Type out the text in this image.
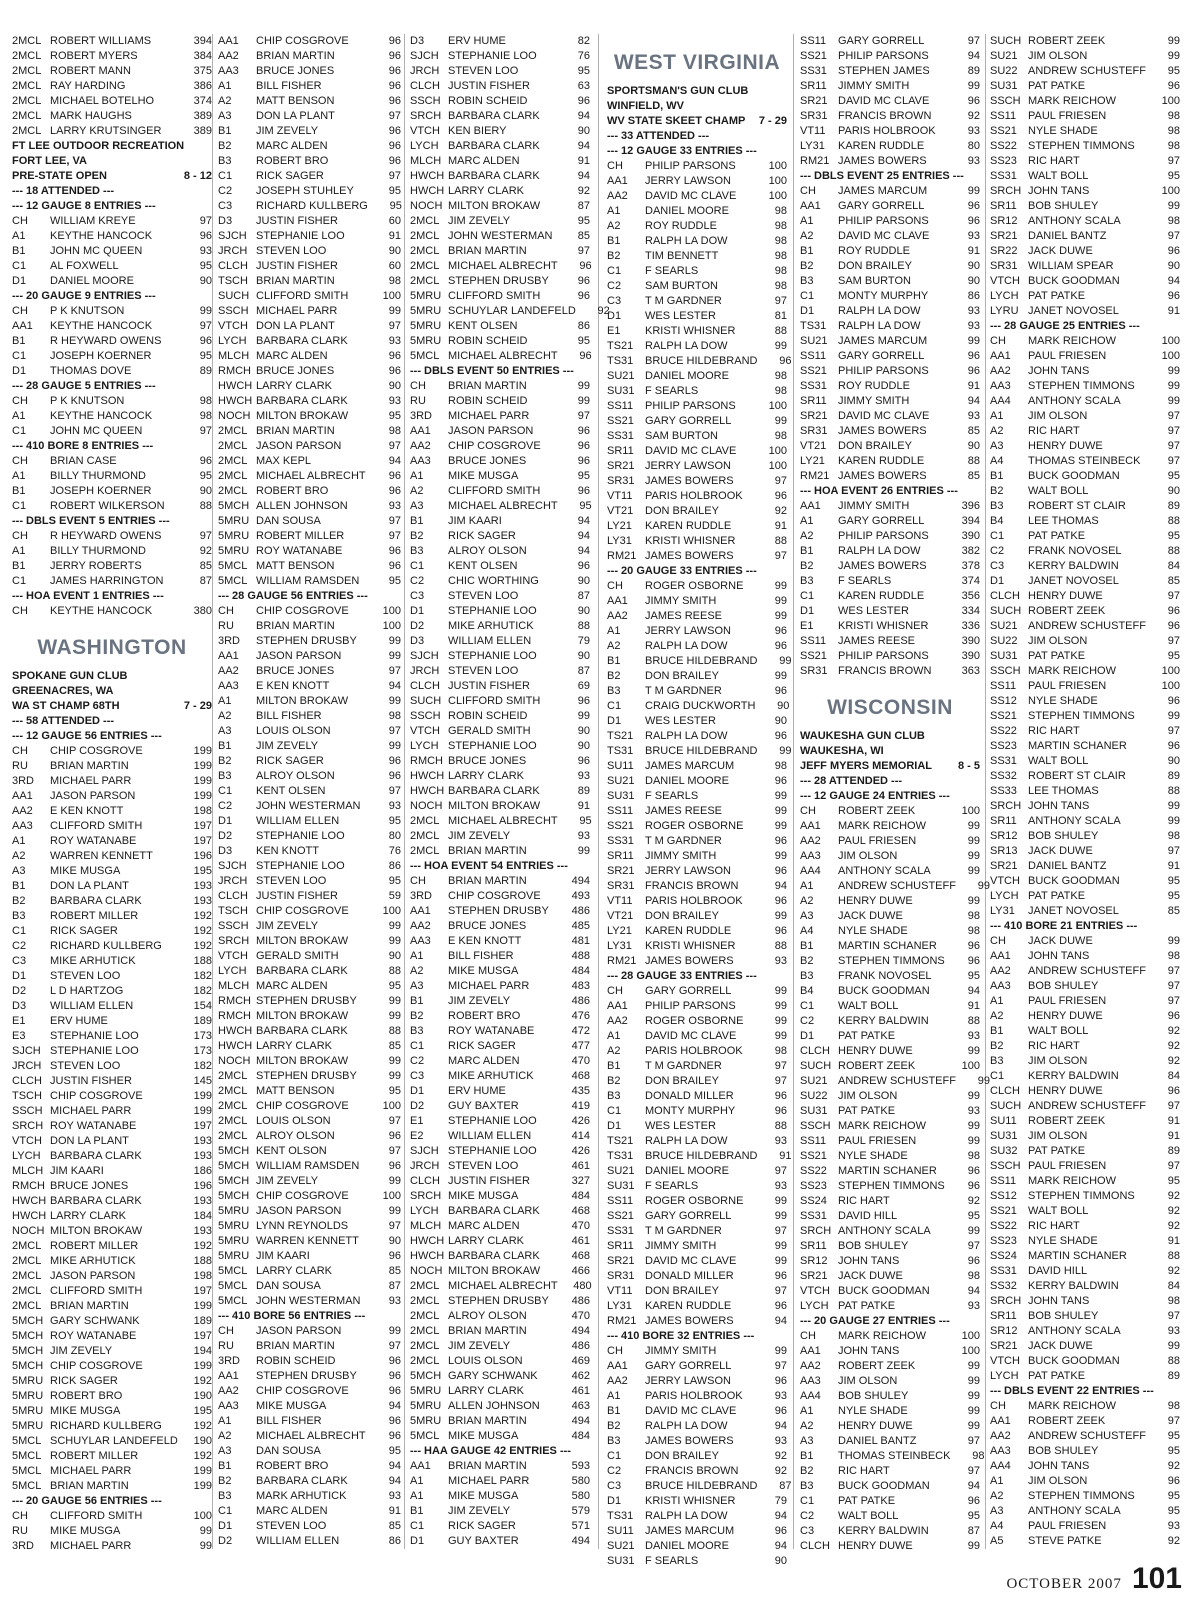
2MCL ROBERT WILLIAMS	394
2MCL ROBERT MYERS	384
2MCL ROBERT MANN	375
2MCL RAY HARDING	386
2MCL MICHAEL BOTELHO	374
2MCL MARK HAUGHS	389
2MCL LARRY KRUTSINGER	389
FT LEE OUTDOOR RECREATION
FORT LEE, VA
PRE-STATE OPEN	8 - 12
--- 18 ATTENDED ---
--- 12 GAUGE 8 ENTRIES ---
CH	WILLIAM KREYE	97
A1	KEYTHE HANCOCK	96
B1	JOHN MC QUEEN	93
C1	AL FOXWELL	95
D1	DANIEL MOORE	90
--- 20 GAUGE 9 ENTRIES ---
CH	P K KNUTSON	99
AA1	KEYTHE HANCOCK	97
B1	R HEYWARD OWENS	96
C1	JOSEPH KOERNER	95
D1	THOMAS DOVE	89
--- 28 GAUGE 5 ENTRIES ---
CH	P K KNUTSON	98
A1	KEYTHE HANCOCK	98
C1	JOHN MC QUEEN	97
--- 410 BORE 8 ENTRIES ---
CH	BRIAN CASE	96
A1	BILLY THURMOND	95
B1	JOSEPH KOERNER	90
C1	ROBERT WILKERSON	88
--- DBLS EVENT 5 ENTRIES ---
CH	R HEYWARD OWENS	97
A1	BILLY THURMOND	92
B1	JERRY ROBERTS	85
C1	JAMES HARRINGTON	87
--- HOA EVENT 1 ENTRIES ---
CH	KEYTHE HANCOCK	380
WASHINGTON
SPOKANE GUN CLUB
GREENACRES, WA
WA ST CHAMP 68TH	7 - 29
--- 58 ATTENDED ---
--- 12 GAUGE 56 ENTRIES ---
CH	CHIP COSGROVE	199
RU	BRIAN MARTIN	199
3RD	MICHAEL PARR	199
AA1	JASON PARSON	199
AA2	E KEN KNOTT	198
AA3	CLIFFORD SMITH	197
A1	ROY WATANABE	197
A2	WARREN KENNETT	196
A3	MIKE MUSGA	195
B1	DON LA PLANT	193
B2	BARBARA CLARK	193
B3	ROBERT MILLER	192
C1	RICK SAGER	192
C2	RICHARD KULLBERG	192
C3	MIKE ARHUTICK	188
D1	STEVEN LOO	182
D2	L D HARTZOG	182
D3	WILLIAM ELLEN	154
E1	ERV HUME	189
E3	STEPHANIE LOO	173
SJCH STEPHANIE LOO	173
JRCH STEVEN LOO	182
CLCH JUSTIN FISHER	145
TSCH CHIP COSGROVE	199
SSCH MICHAEL PARR	199
SRCH ROY WATANABE	197
VTCH DON LA PLANT	193
LYCH BARBARA CLARK	193
MLCH JIM KAARI	186
RMCH BRUCE JONES	196
HWCH BARBARA CLARK	193
HWCH LARRY CLARK	184
NOCH MILTON BROKAW	193
2MCL ROBERT MILLER	192
2MCL MIKE ARHUTICK	188
2MCL JASON PARSON	198
2MCL CLIFFORD SMITH	197
2MCL BRIAN MARTIN	199
5MCH GARY SCHWANK	189
5MCH ROY WATANABE	197
5MCH JIM ZEVELY	194
5MCH CHIP COSGROVE	199
5MRU RICK SAGER	192
5MRU ROBERT BRO	190
5MRU MIKE MUSGA	195
5MRU RICHARD KULLBERG	192
5MCL SCHUYLAR LANDEFELD	190
5MCL ROBERT MILLER	192
5MCL MICHAEL PARR	199
5MCL BRIAN MARTIN	199
--- 20 GAUGE 56 ENTRIES ---
CH	CLIFFORD SMITH	100
RU	MIKE MUSGA	99
3RD	MICHAEL PARR	99
AA1	CHIP COSGROVE	96
AA2	BRIAN MARTIN	96
AA3	BRUCE JONES	96
A1	BILL FISHER	96
A2	MATT BENSON	96
A3	DON LA PLANT	97
B1	JIM ZEVELY	96
B2	MARC ALDEN	96
B3	ROBERT BRO	96
C1	RICK SAGER	97
C2	JOSEPH STUHLEY	95
C3	RICHARD KULLBERG	95
D3	JUSTIN FISHER	60
SJCH STEPHANIE LOO	91
JRCH STEVEN LOO	90
CLCH JUSTIN FISHER	60
TSCH BRIAN MARTIN	98
SUCH CLIFFORD SMITH	100
SSCH MICHAEL PARR	99
VTCH DON LA PLANT	97
LYCH BARBARA CLARK	93
MLCH MARC ALDEN	96
RMCH BRUCE JONES	96
HWCH LARRY CLARK	90
HWCH BARBARA CLARK	93
NOCH MILTON BROKAW	95
2MCL BRIAN MARTIN	98
2MCL JASON PARSON	97
2MCL MAX KEPL	94
2MCL MICHAEL ALBRECHT	96
2MCL ROBERT BRO	96
5MCH ALLEN JOHNSON	93
5MRU DAN SOUSA	97
5MRU ROBERT MILLER	97
5MRU ROY WATANABE	96
5MCL MATT BENSON	96
5MCL WILLIAM RAMSDEN	95
--- 28 GAUGE 56 ENTRIES ---
CH	CHIP COSGROVE	100
RU	BRIAN MARTIN	100
3RD	STEPHEN DRUSBY	99
AA1	JASON PARSON	99
AA2	BRUCE JONES	97
AA3	E KEN KNOTT	94
A1	MILTON BROKAW	99
A2	BILL FISHER	98
A3	LOUIS OLSON	97
B1	JIM ZEVELY	99
B2	RICK SAGER	96
B3	ALROY OLSON	96
C1	KENT OLSEN	97
C2	JOHN WESTERMAN	93
D1	WILLIAM ELLEN	95
D2	STEPHANIE LOO	80
D3	KEN KNOTT	76
SJCH STEPHANIE LOO	86
JRCH STEVEN LOO	95
CLCH JUSTIN FISHER	59
TSCH CHIP COSGROVE	100
SSCH JIM ZEVELY	99
SRCH MILTON BROKAW	99
VTCH GERALD SMITH	90
LYCH BARBARA CLARK	88
MLCH MARC ALDEN	95
RMCH STEPHEN DRUSBY	99
RMCH MILTON BROKAW	99
HWCH BARBARA CLARK	88
HWCH LARRY CLARK	85
NOCH MILTON BROKAW	99
2MCL STEPHEN DRUSBY	99
2MCL MATT BENSON	95
2MCL CHIP COSGROVE	100
2MCL LOUIS OLSON	97
2MCL ALROY OLSON	96
5MCH KENT OLSON	97
5MCH WILLIAM RAMSDEN	96
5MCH JIM ZEVELY	99
5MCH CHIP COSGROVE	100
5MRU JASON PARSON	99
5MRU LYNN REYNOLDS	97
5MRU WARREN KENNETT	90
5MRU JIM KAARI	96
5MCL LARRY CLARK	85
5MCL DAN SOUSA	87
5MCL JOHN WESTERMAN	93
--- 410 BORE 56 ENTRIES ---
CH	JASON PARSON	99
RU	BRIAN MARTIN	97
3RD	ROBIN SCHEID	96
AA1	STEPHEN DRUSBY	96
AA2	CHIP COSGROVE	96
AA3	MIKE MUSGA	94
A1	BILL FISHER	96
A2	MICHAEL ALBRECHT	96
A3	DAN SOUSA	95
B1	ROBERT BRO	94
B2	BARBARA CLARK	94
B3	MARK ARHUTICK	93
C1	MARC ALDEN	91
D1	STEVEN LOO	85
D2	WILLIAM ELLEN	86
D3	ERV HUME	82
SJCH STEPHANIE LOO	76
JRCH STEVEN LOO	95
CLCH JUSTIN FISHER	63
SSCH ROBIN SCHEID	96
SRCH BARBARA CLARK	94
VTCH KEN BIERY	90
LYCH BARBARA CLARK	94
MLCH MARC ALDEN	91
HWCH BARBARA CLARK	94
HWCH LARRY CLARK	92
NOCH MILTON BROKAW	87
2MCL JIM ZEVELY	95
2MCL JOHN WESTERMAN	85
2MCL BRIAN MARTIN	97
2MCL MICHAEL ALBRECHT	96
2MCL STEPHEN DRUSBY	96
5MRU CLIFFORD SMITH	96
5MRU SCHUYLAR LANDEFELD	92
5MRU KENT OLSEN	86
5MRU ROBIN SCHEID	95
5MCL MICHAEL ALBRECHT	96
--- DBLS EVENT 50 ENTRIES ---
CH	BRIAN MARTIN	99
RU	ROBIN SCHEID	99
3RD	MICHAEL PARR	97
AA1	JASON PARSON	96
AA2	CHIP COSGROVE	96
AA3	BRUCE JONES	96
A1	MIKE MUSGA	95
A2	CLIFFORD SMITH	96
A3	MICHAEL ALBRECHT	95
B1	JIM KAARI	94
B2	RICK SAGER	94
B3	ALROY OLSON	94
C1	KENT OLSEN	96
C2	CHIC WORTHING	90
C3	STEVEN LOO	87
D1	STEPHANIE LOO	90
D2	MIKE ARHUTICK	88
D3	WILLIAM ELLEN	79
SJCH STEPHANIE LOO	90
JRCH STEVEN LOO	87
CLCH JUSTIN FISHER	69
SUCH CLIFFORD SMITH	96
SSCH ROBIN SCHEID	99
VTCH GERALD SMITH	90
LYCH STEPHANIE LOO	90
RMCH BRUCE JONES	96
HWCH LARRY CLARK	93
HWCH BARBARA CLARK	89
NOCH MILTON BROKAW	91
2MCL MICHAEL ALBRECHT	95
2MCL JIM ZEVELY	93
2MCL BRIAN MARTIN	99
--- HOA EVENT 54 ENTRIES ---
CH	BRIAN MARTIN	494
3RD	CHIP COSGROVE	493
AA1	STEPHEN DRUSBY	486
AA2	BRUCE JONES	485
AA3	E KEN KNOTT	481
A1	BILL FISHER	488
A2	MIKE MUSGA	484
A3	MICHAEL PARR	483
B1	JIM ZEVELY	486
B2	ROBERT BRO	476
B3	ROY WATANABE	472
C1	RICK SAGER	477
C2	MARC ALDEN	470
C3	MIKE ARHUTICK	468
D1	ERV HUME	435
D2	GUY BAXTER	419
E1	STEPHANIE LOO	426
E2	WILLIAM ELLEN	414
SJCH STEPHANIE LOO	426
JRCH STEVEN LOO	461
CLCH JUSTIN FISHER	327
SRCH MIKE MUSGA	484
LYCH BARBARA CLARK	468
MLCH MARC ALDEN	470
HWCH LARRY CLARK	461
HWCH BARBARA CLARK	468
NOCH MILTON BROKAW	466
2MCL MICHAEL ALBRECHT	480
2MCL STEPHEN DRUSBY	486
2MCL ALROY OLSON	470
2MCL BRIAN MARTIN	494
2MCL JIM ZEVELY	486
2MCL LOUIS OLSON	469
5MCH GARY SCHWANK	462
5MRU LARRY CLARK	461
5MRU ALLEN JOHNSON	463
5MRU BRIAN MARTIN	494
5MCL MIKE MUSGA	484
--- HAA GAUGE 42 ENTRIES ---
AA1	BRIAN MARTIN	593
A1	MICHAEL PARR	580
A1	MIKE MUSGA	580
B1	JIM ZEVELY	579
C1	RICK SAGER	571
D1	GUY BAXTER	494
WEST VIRGINIA
SPORTSMAN'S GUN CLUB
WINFIELD, WV
WV STATE SKEET CHAMP 7 - 29
--- 33 ATTENDED ---
--- 12 GAUGE 33 ENTRIES ---
CH	PHILIP PARSONS	100
AA1	JERRY LAWSON	100
AA2	DAVID MC CLAVE	100
A1	DANIEL MOORE	98
A2	ROY RUDDLE	98
B1	RALPH LA DOW	98
B2	TIM BENNETT	98
C1	F SEARLS	98
C2	SAM BURTON	98
C3	T M GARDNER	97
D1	WES LESTER	81
E1	KRISTI WHISNER	88
TS21	RALPH LA DOW	99
TS31	BRUCE HILDEBRAND	96
SU21 DANIEL MOORE	98
SU31 F SEARLS	98
SS11	PHILIP PARSONS	100
SS21	GARY GORRELL	99
SS31	SAM BURTON	98
SR11	DAVID MC CLAVE	100
SR21 JERRY LAWSON	100
SR31 JAMES BOWERS	97
VT11	PARIS HOLBROOK	96
VT21	DON BRAILEY	92
LY21	KAREN RUDDLE	91
LY31	KRISTI WHISNER	88
RM21 JAMES BOWERS	97
--- 20 GAUGE 33 ENTRIES ---
CH	ROGER OSBORNE	99
AA1	JIMMY SMITH	99
AA2	JAMES REESE	99
A1	JERRY LAWSON	96
A2	RALPH LA DOW	96
B1	BRUCE HILDEBRAND	99
B2	DON BRAILEY	99
B3	T M GARDNER	96
C1	CRAIG DUCKWORTH	90
D1	WES LESTER	90
TS21	RALPH LA DOW	96
TS31	BRUCE HILDEBRAND	99
SU11	JAMES MARCUM	98
SU21 DANIEL MOORE	96
SU31 F SEARLS	99
SS11	JAMES REESE	99
SS21	ROGER OSBORNE	99
SS31	T M GARDNER	96
SR11	JIMMY SMITH	99
SR21 JERRY LAWSON	96
SR31 FRANCIS BROWN	94
VT11	PARIS HOLBROOK	96
VT21	DON BRAILEY	99
LY21	KAREN RUDDLE	96
LY31	KRISTI WHISNER	88
RM21 JAMES BOWERS	93
--- 28 GAUGE 33 ENTRIES ---
CH	GARY GORRELL	99
AA1	PHILIP PARSONS	99
AA2	ROGER OSBORNE	99
A1	DAVID MC CLAVE	99
A2	PARIS HOLBROOK	98
B1	T M GARDNER	97
B2	DON BRAILEY	97
B3	DONALD MILLER	96
C1	MONTY MURPHY	96
D1	WES LESTER	88
TS21	RALPH LA DOW	93
TS31	BRUCE HILDEBRAND	91
SU21 DANIEL MOORE	97
SU31 F SEARLS	93
SS11	ROGER OSBORNE	99
SS21	GARY GORRELL	99
SS31	T M GARDNER	97
SR11	JIMMY SMITH	99
SR21 DAVID MC CLAVE	99
SR31 DONALD MILLER	96
VT11	DON BRAILEY	97
LY31	KAREN RUDDLE	96
RM21 JAMES BOWERS	94
--- 410 BORE 32 ENTRIES ---
CH	JIMMY SMITH	99
AA1	GARY GORRELL	97
AA2	JERRY LAWSON	96
A1	PARIS HOLBROOK	93
B1	DAVID MC CLAVE	96
B2	RALPH LA DOW	94
B3	JAMES BOWERS	93
C1	DON BRAILEY	92
C2	FRANCIS BROWN	92
C3	BRUCE HILDEBRAND	87
D1	KRISTI WHISNER	79
TS31	RALPH LA DOW	94
SU11	JAMES MARCUM	96
SU21 DANIEL MOORE	94
SU31 F SEARLS	90
SS11	GARY GORRELL	97
SS21	PHILIP PARSONS	94
SS31	STEPHEN JAMES	89
SR11	JIMMY SMITH	99
SR21 DAVID MC CLAVE	96
SR31 FRANCIS BROWN	92
VT11	PARIS HOLBROOK	93
LY31	KAREN RUDDLE	80
RM21 JAMES BOWERS	93
--- DBLS EVENT 25 ENTRIES ---
CH	JAMES MARCUM	99
AA1	GARY GORRELL	96
A1	PHILIP PARSONS	96
A2	DAVID MC CLAVE	93
B1	ROY RUDDLE	91
B2	DON BRAILEY	90
B3	SAM BURTON	90
C1	MONTY MURPHY	86
D1	RALPH LA DOW	93
TS31	RALPH LA DOW	93
SU21 JAMES MARCUM	99
SS11	GARY GORRELL	96
SS21	PHILIP PARSONS	96
SS31	ROY RUDDLE	91
SR11	JIMMY SMITH	94
SR21 DAVID MC CLAVE	93
SR31 JAMES BOWERS	85
VT21	DON BRAILEY	90
LY21	KAREN RUDDLE	88
RM21 JAMES BOWERS	85
--- HOA EVENT 26 ENTRIES ---
AA1	JIMMY SMITH	396
A1	GARY GORRELL	394
A2	PHILIP PARSONS	390
B1	RALPH LA DOW	382
B2	JAMES BOWERS	378
B3	F SEARLS	374
C1	KAREN RUDDLE	356
D1	WES LESTER	334
E1	KRISTI WHISNER	336
SS11	JAMES REESE	390
SS21	PHILIP PARSONS	390
SR31 FRANCIS BROWN	363
WISCONSIN
WAUKESHA GUN CLUB
WAUKESHA, WI
JEFF MYERS MEMORIAL 8 - 5
--- 28 ATTENDED ---
--- 12 GAUGE 24 ENTRIES ---
CH	ROBERT ZEEK	100
AA1	MARK REICHOW	99
AA2	PAUL FRIESEN	99
AA3	JIM OLSON	99
AA4	ANTHONY SCALA	99
A1	ANDREW SCHUSTEFF	99
A2	HENRY DUWE	99
A3	JACK DUWE	98
A4	NYLE SHADE	98
B1	MARTIN SCHANER	96
B2	STEPHEN TIMMONS	96
B3	FRANK NOVOSEL	95
B4	BUCK GOODMAN	94
C1	WALT BOLL	91
C2	KERRY BALDWIN	88
D1	PAT PATKE	93
CLCH HENRY DUWE	99
SUCH ROBERT ZEEK	100
SU21 ANDREW SCHUSTEFF	99
SU22 JIM OLSON	99
SU31 PAT PATKE	93
SSCH MARK REICHOW	99
SS11	PAUL FRIESEN	99
SS21	NYLE SHADE	98
SS22	MARTIN SCHANER	96
SS23	STEPHEN TIMMONS	96
SS24	RIC HART	92
SS31	DAVID HILL	95
SRCH ANTHONY SCALA	99
SR11	BOB SHULEY	97
SR12 JOHN TANS	96
SR21 JACK DUWE	98
VTCH BUCK GOODMAN	94
LYCH PAT PATKE	93
--- 20 GAUGE 27 ENTRIES ---
CH	MARK REICHOW	100
AA1	JOHN TANS	100
AA2	ROBERT ZEEK	99
AA3	JIM OLSON	99
AA4	BOB SHULEY	99
A1	NYLE SHADE	99
A2	HENRY DUWE	99
A3	DANIEL BANTZ	97
B1	THOMAS STEINBECK	98
B2	RIC HART	97
B3	BUCK GOODMAN	94
C1	PAT PATKE	96
C2	WALT BOLL	95
C3	KERRY BALDWIN	87
CLCH HENRY DUWE	99
SUCH ROBERT ZEEK	99
SU21 JIM OLSON	99
SU22 ANDREW SCHUSTEFF	95
SU31 PAT PATKE	96
SSCH MARK REICHOW	100
SS11	PAUL FRIESEN	98
SS21	NYLE SHADE	98
SS22	STEPHEN TIMMONS	98
SS23	RIC HART	97
SS31	WALT BOLL	95
SRCH JOHN TANS	100
SR11	BOB SHULEY	99
SR12 ANTHONY SCALA	98
SR21 DANIEL BANTZ	97
SR22 JACK DUWE	96
SR31 WILLIAM SPEAR	90
VTCH BUCK GOODMAN	94
LYCH PAT PATKE	96
LYRU JANET NOVOSEL	91
--- 28 GAUGE 25 ENTRIES ---
CH	MARK REICHOW	100
AA1	PAUL FRIESEN	100
AA2	JOHN TANS	99
AA3	STEPHEN TIMMONS	99
AA4	ANTHONY SCALA	99
A1	JIM OLSON	97
A2	RIC HART	97
A3	HENRY DUWE	97
A4	THOMAS STEINBECK	97
B1	BUCK GOODMAN	95
B2	WALT BOLL	90
B3	ROBERT ST CLAIR	89
B4	LEE THOMAS	88
C1	PAT PATKE	95
C2	FRANK NOVOSEL	88
C3	KERRY BALDWIN	84
D1	JANET NOVOSEL	85
CLCH HENRY DUWE	97
SUCH ROBERT ZEEK	96
SU21 ANDREW SCHUSTEFF	96
SU22 JIM OLSON	97
SU31 PAT PATKE	95
SSCH MARK REICHOW	100
SS11	PAUL FRIESEN	100
SS12	NYLE SHADE	96
SS21	STEPHEN TIMMONS	99
SS22	RIC HART	97
SS23	MARTIN SCHANER	96
SS31	WALT BOLL	90
SS32	ROBERT ST CLAIR	89
SS33	LEE THOMAS	88
SRCH JOHN TANS	99
SR11	ANTHONY SCALA	99
SR12 BOB SHULEY	98
SR13 JACK DUWE	97
SR21 DANIEL BANTZ	91
VTCH BUCK GOODMAN	95
LYCH PAT PATKE	95
LY31	JANET NOVOSEL	85
--- 410 BORE 21 ENTRIES ---
CH	JACK DUWE	99
AA1	JOHN TANS	98
AA2	ANDREW SCHUSTEFF	97
AA3	BOB SHULEY	97
A1	PAUL FRIESEN	97
A2	HENRY DUWE	96
B1	WALT BOLL	92
B2	RIC HART	92
B3	JIM OLSON	92
C1	KERRY BALDWIN	84
CLCH HENRY DUWE	96
SUCH ANDREW SCHUSTEFF	97
SU11	ROBERT ZEEK	91
SU31 JIM OLSON	91
SU32 PAT PATKE	89
SSCH PAUL FRIESEN	97
SS11	MARK REICHOW	95
SS12	STEPHEN TIMMONS	92
SS21	WALT BOLL	92
SS22	RIC HART	92
SS23	NYLE SHADE	91
SS24	MARTIN SCHANER	88
SS31	DAVID HILL	92
SS32	KERRY BALDWIN	84
SRCH JOHN TANS	98
SR11	BOB SHULEY	97
SR12 ANTHONY SCALA	93
SR21 JACK DUWE	99
VTCH BUCK GOODMAN	88
LYCH PAT PATKE	89
--- DBLS EVENT 22 ENTRIES ---
CH	MARK REICHOW	98
AA1	ROBERT ZEEK	97
AA2	ANDREW SCHUSTEFF	95
AA3	BOB SHULEY	95
AA4	JOHN TANS	92
A1	JIM OLSON	96
A2	STEPHEN TIMMONS	95
A3	ANTHONY SCALA	95
A4	PAUL FRIESEN	93
A5	STEVE PATKE	92
OCTOBER 2007 101
